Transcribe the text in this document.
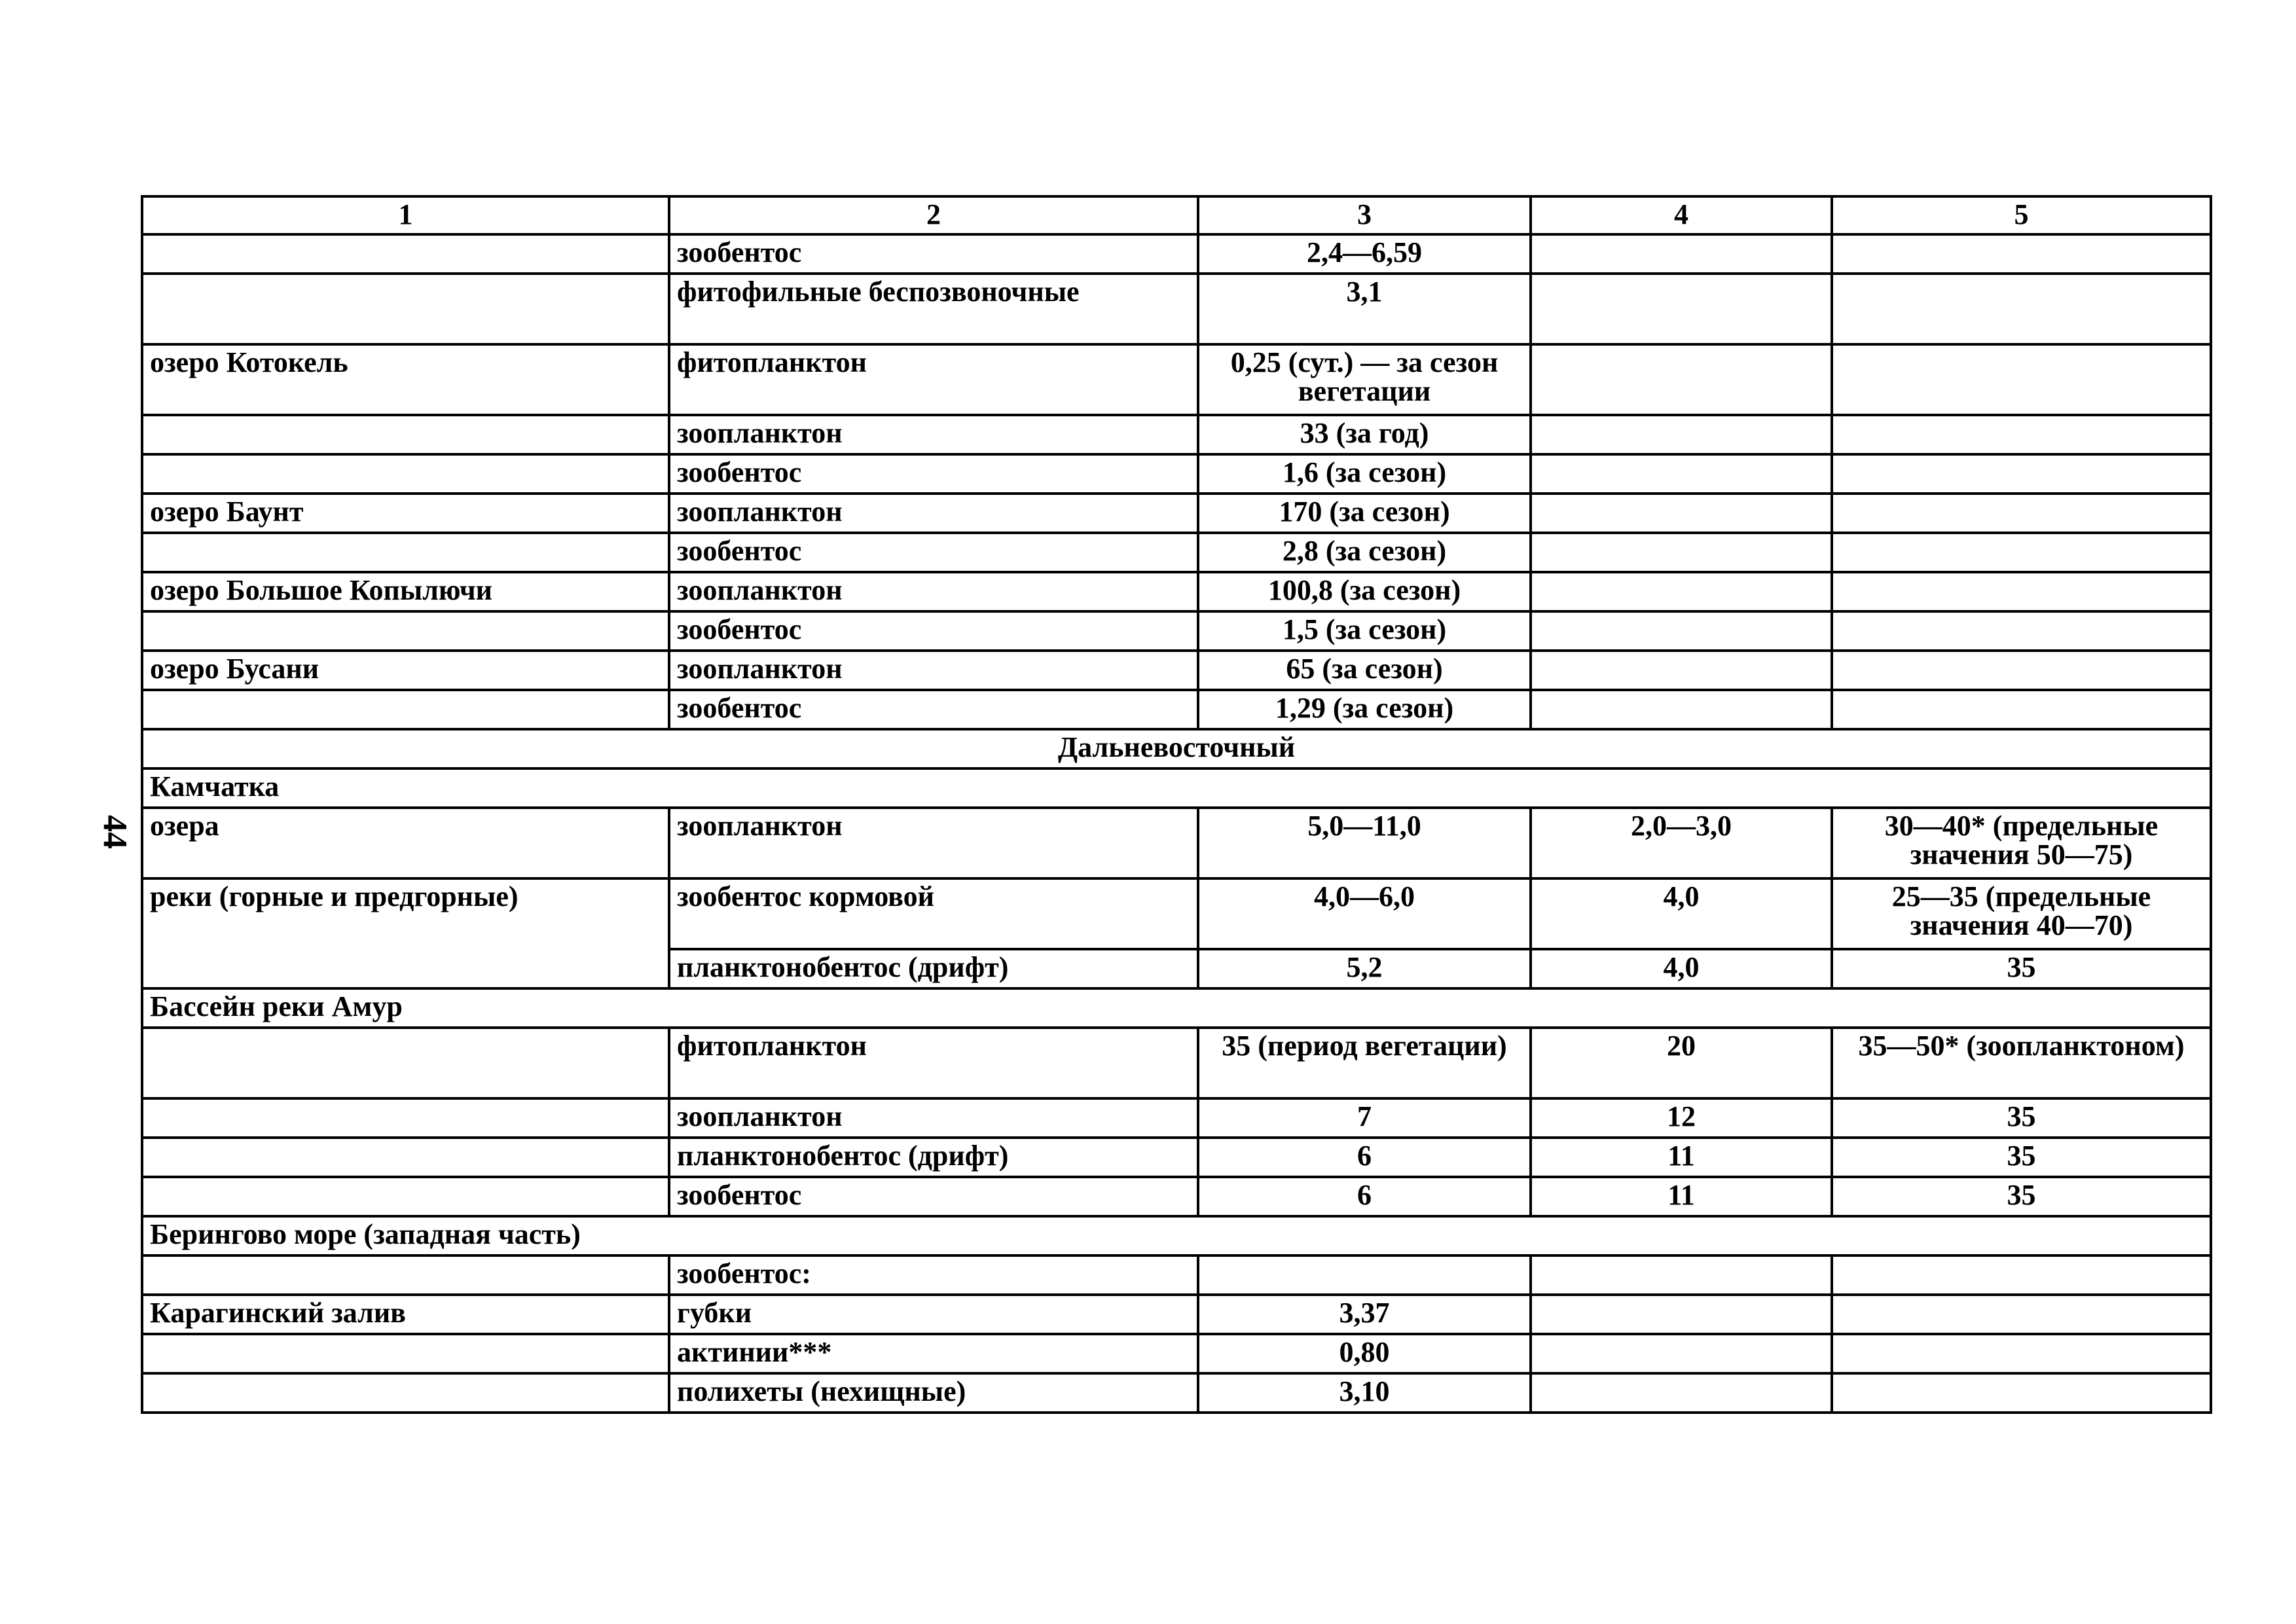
44
1	2	3	4	5
	зообентос	2,4—6,59		
	фитофильные беспозвоночные	3,1		
озеро Котокель	фитопланктон	0,25 (сут.) — за сезон вегетации		
	зоопланктон	33 (за год)		
	зообентос	1,6 (за сезон)		
озеро Баунт	зоопланктон	170 (за сезон)		
	зообентос	2,8 (за сезон)		
озеро Большое Копылючи	зоопланктон	100,8 (за сезон)		
	зообентос	1,5 (за сезон)		
озеро Бусани	зоопланктон	65 (за сезон)		
	зообентос	1,29 (за сезон)		
Дальневосточный				
Камчатка				
озера	зоопланктон	5,0—11,0	2,0—3,0	30—40* (предельные значения 50—75)
реки (горные и предгорные)	зообентос кормовой	4,0—6,0	4,0	25—35 (предельные значения 40—70)
	планктонобентос (дрифт)	5,2	4,0	35
Бассейн реки Амур				
	фитопланктон	35 (период вегетации)	20	35—50* (зоопланктоном)
	зоопланктон	7	12	35
	планктонобентос (дрифт)	6	11	35
	зообентос	6	11	35
Берингово море (западная часть)				
	зообентос:			
Карагинский залив	губки	3,37		
	актинии***	0,80		
	полихеты (нехищные)	3,10		
